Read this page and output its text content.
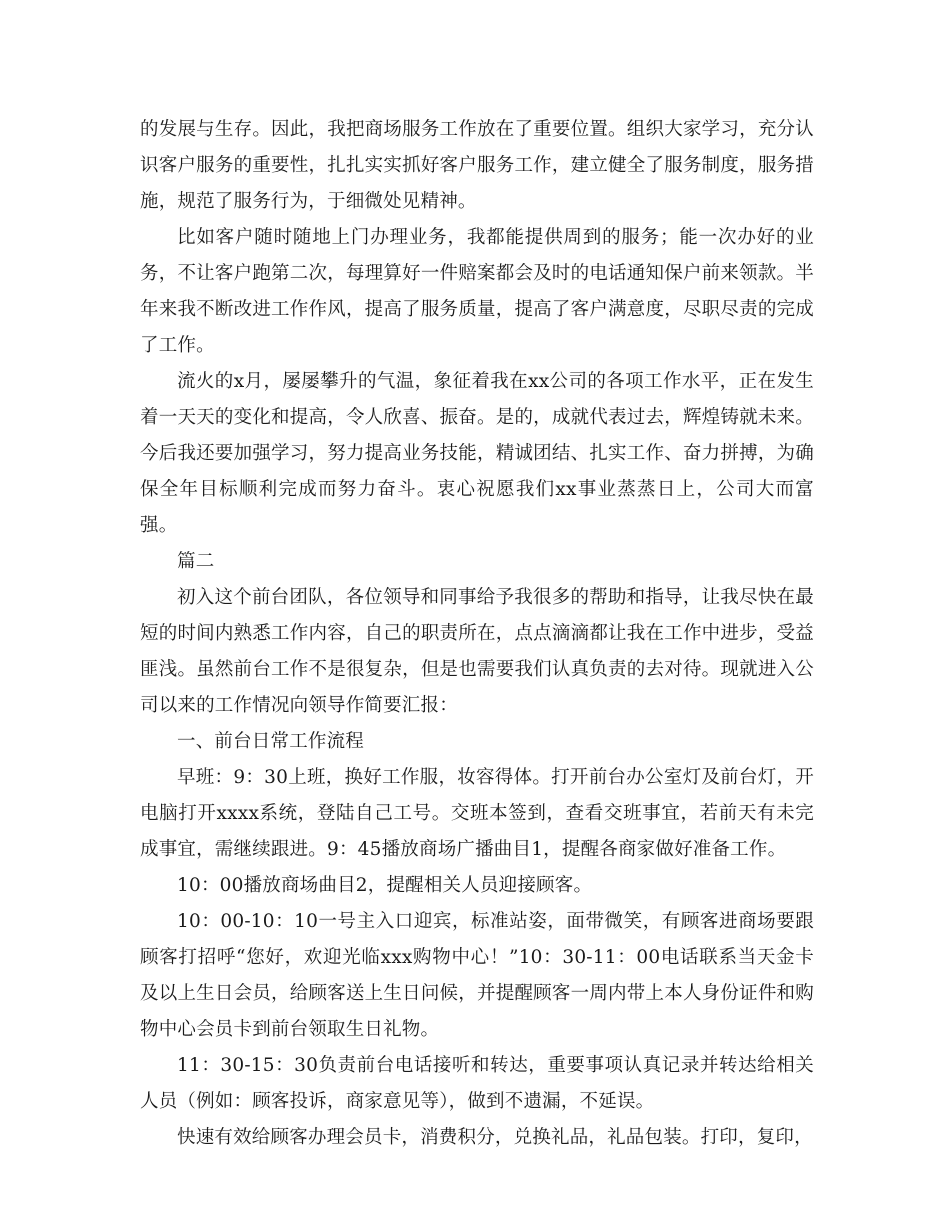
的发展与生存。因此，我把商场服务工作放在了重要位置。组织大家学习，充分认识客户服务的重要性，扎扎实实抓好客户服务工作，建立健全了服务制度，服务措施，规范了服务行为，于细微处见精神。

比如客户随时随地上门办理业务，我都能提供周到的服务；能一次办好的业务，不让客户跑第二次，每理算好一件赔案都会及时的电话通知保户前来领款。半年来我不断改进工作作风，提高了服务质量，提高了客户满意度，尽职尽责的完成了工作。

流火的x月，屡屡攀升的气温，象征着我在xx公司的各项工作水平，正在发生着一天天的变化和提高，令人欣喜、振奋。是的，成就代表过去，辉煌铸就未来。今后我还要加强学习，努力提高业务技能，精诚团结、扎实工作、奋力拼搏，为确保全年目标顺利完成而努力奋斗。衷心祝愿我们xx事业蒸蒸日上，公司大而富强。

篇二

初入这个前台团队，各位领导和同事给予我很多的帮助和指导，让我尽快在最短的时间内熟悉工作内容，自己的职责所在，点点滴滴都让我在工作中进步，受益匪浅。虽然前台工作不是很复杂，但是也需要我们认真负责的去对待。现就进入公司以来的工作情况向领导作简要汇报：

一、前台日常工作流程

早班：9：30上班，换好工作服，妆容得体。打开前台办公室灯及前台灯，开电脑打开xxxx系统，登陆自己工号。交班本签到，查看交班事宜，若前天有未完成事宜，需继续跟进。9：45播放商场广播曲目1，提醒各商家做好准备工作。

10：00播放商场曲目2，提醒相关人员迎接顾客。

10：00-10：10一号主入口迎宾，标准站姿，面带微笑，有顾客进商场要跟顾客打招呼“您好，欢迎光临xxx购物中心！”10：30-11：00电话联系当天金卡及以上生日会员，给顾客送上生日问候，并提醒顾客一周内带上本人身份证件和购物中心会员卡到前台领取生日礼物。

11：30-15：30负责前台电话接听和转达，重要事项认真记录并转达给相关人员（例如：顾客投诉，商家意见等），做到不遗漏，不延误。

快速有效给顾客办理会员卡，消费积分，兑换礼品，礼品包装。打印，复印，
